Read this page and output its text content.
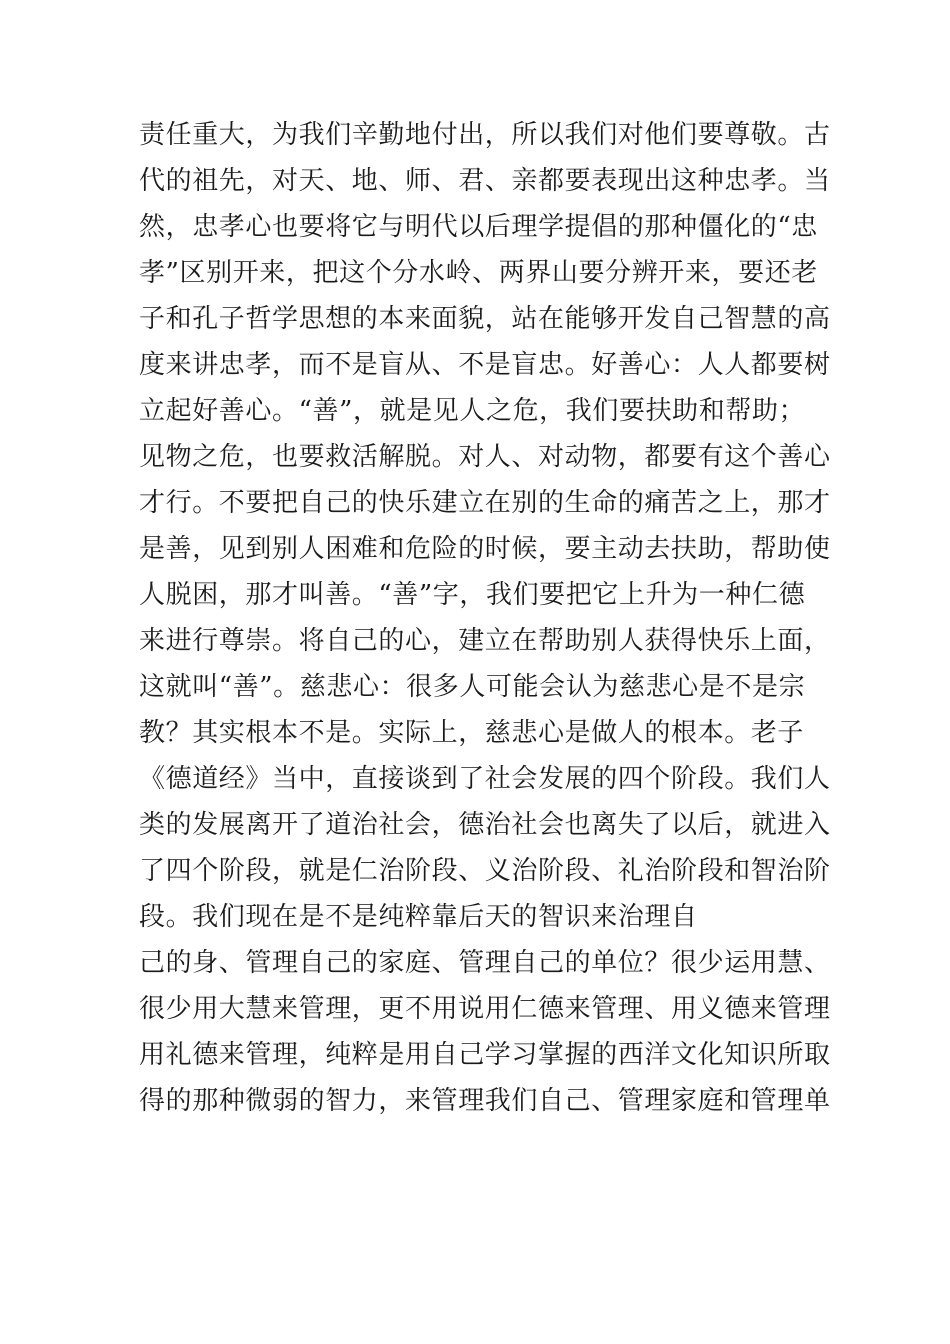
责任重大，为我们辛勤地付出，所以我们对他们要尊敬。古
代的祖先，对天、地、师、君、亲都要表现出这种忠孝。当
然，忠孝心也要将它与明代以后理学提倡的那种僵化的“忠
孝”区别开来，把这个分水岭、两界山要分辨开来，要还老
子和孔子哲学思想的本来面貌，站在能够开发自己智慧的高
度来讲忠孝，而不是盲从、不是盲忠。好善心：人人都要树
立起好善心。“善”，就是见人之危，我们要扶助和帮助；
见物之危，也要救活解脱。对人、对动物，都要有这个善心
才行。不要把自己的快乐建立在别的生命的痛苦之上，那才
是善，见到别人困难和危险的时候，要主动去扶助，帮助使
人脱困，那才叫善。“善”字，我们要把它上升为一种仁德
来进行尊崇。将自己的心，建立在帮助别人获得快乐上面，
这就叫“善”。慈悲心：很多人可能会认为慈悲心是不是宗
教？其实根本不是。实际上，慈悲心是做人的根本。老子
《德道经》当中，直接谈到了社会发展的四个阶段。我们人
类的发展离开了道治社会，德治社会也离失了以后，就进入
了四个阶段，就是仁治阶段、义治阶段、礼治阶段和智治阶
段。我们现在是不是纯粹靠后天的智识来治理自
己的身、管理自己的家庭、管理自己的单位？很少运用慧、
很少用大慧来管理，更不用说用仁德来管理、用义德来管理
用礼德来管理，纯粹是用自己学习掌握的西洋文化知识所取
得的那种微弱的智力，来管理我们自己、管理家庭和管理单
